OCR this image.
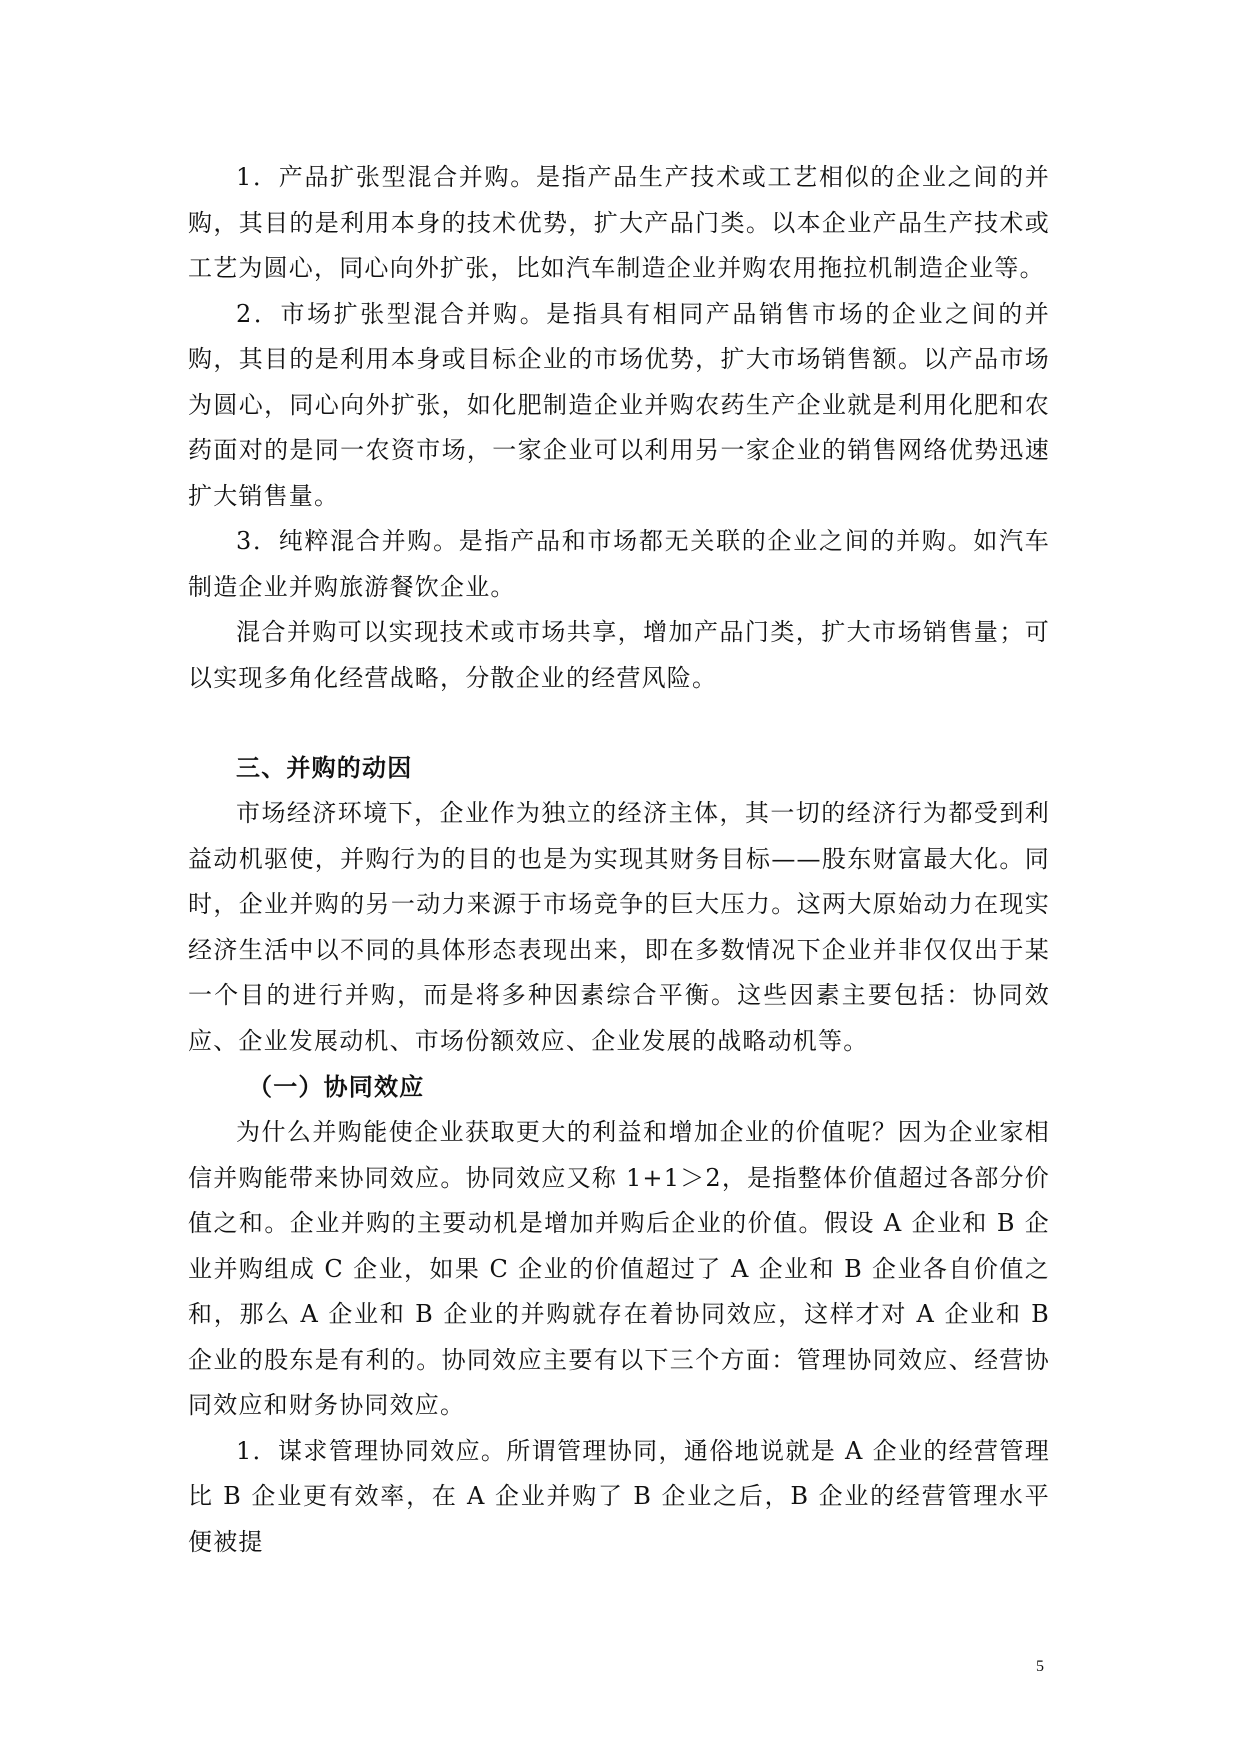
1．产品扩张型混合并购。是指产品生产技术或工艺相似的企业之间的并购，其目的是利用本身的技术优势，扩大产品门类。以本企业产品生产技术或工艺为圆心，同心向外扩张，比如汽车制造企业并购农用拖拉机制造企业等。

2．市场扩张型混合并购。是指具有相同产品销售市场的企业之间的并购，其目的是利用本身或目标企业的市场优势，扩大市场销售额。以产品市场为圆心，同心向外扩张，如化肥制造企业并购农药生产企业就是利用化肥和农药面对的是同一农资市场，一家企业可以利用另一家企业的销售网络优势迅速扩大销售量。

3．纯粹混合并购。是指产品和市场都无关联的企业之间的并购。如汽车制造企业并购旅游餐饮企业。

混合并购可以实现技术或市场共享，增加产品门类，扩大市场销售量；可以实现多角化经营战略，分散企业的经营风险。

三、并购的动因

市场经济环境下，企业作为独立的经济主体，其一切的经济行为都受到利益动机驱使，并购行为的目的也是为实现其财务目标——股东财富最大化。同时，企业并购的另一动力来源于市场竞争的巨大压力。这两大原始动力在现实经济生活中以不同的具体形态表现出来，即在多数情况下企业并非仅仅出于某一个目的进行并购，而是将多种因素综合平衡。这些因素主要包括：协同效应、企业发展动机、市场份额效应、企业发展的战略动机等。

（一）协同效应

为什么并购能使企业获取更大的利益和增加企业的价值呢？因为企业家相信并购能带来协同效应。协同效应又称 1+1＞2，是指整体价值超过各部分价值之和。企业并购的主要动机是增加并购后企业的价值。假设 A 企业和 B 企业并购组成 C 企业，如果 C 企业的价值超过了 A 企业和 B 企业各自价值之和，那么 A 企业和 B 企业的并购就存在着协同效应，这样才对 A 企业和 B 企业的股东是有利的。协同效应主要有以下三个方面：管理协同效应、经营协同效应和财务协同效应。

1．谋求管理协同效应。所谓管理协同，通俗地说就是 A 企业的经营管理比 B 企业更有效率，在 A 企业并购了 B 企业之后，B 企业的经营管理水平便被提

5
